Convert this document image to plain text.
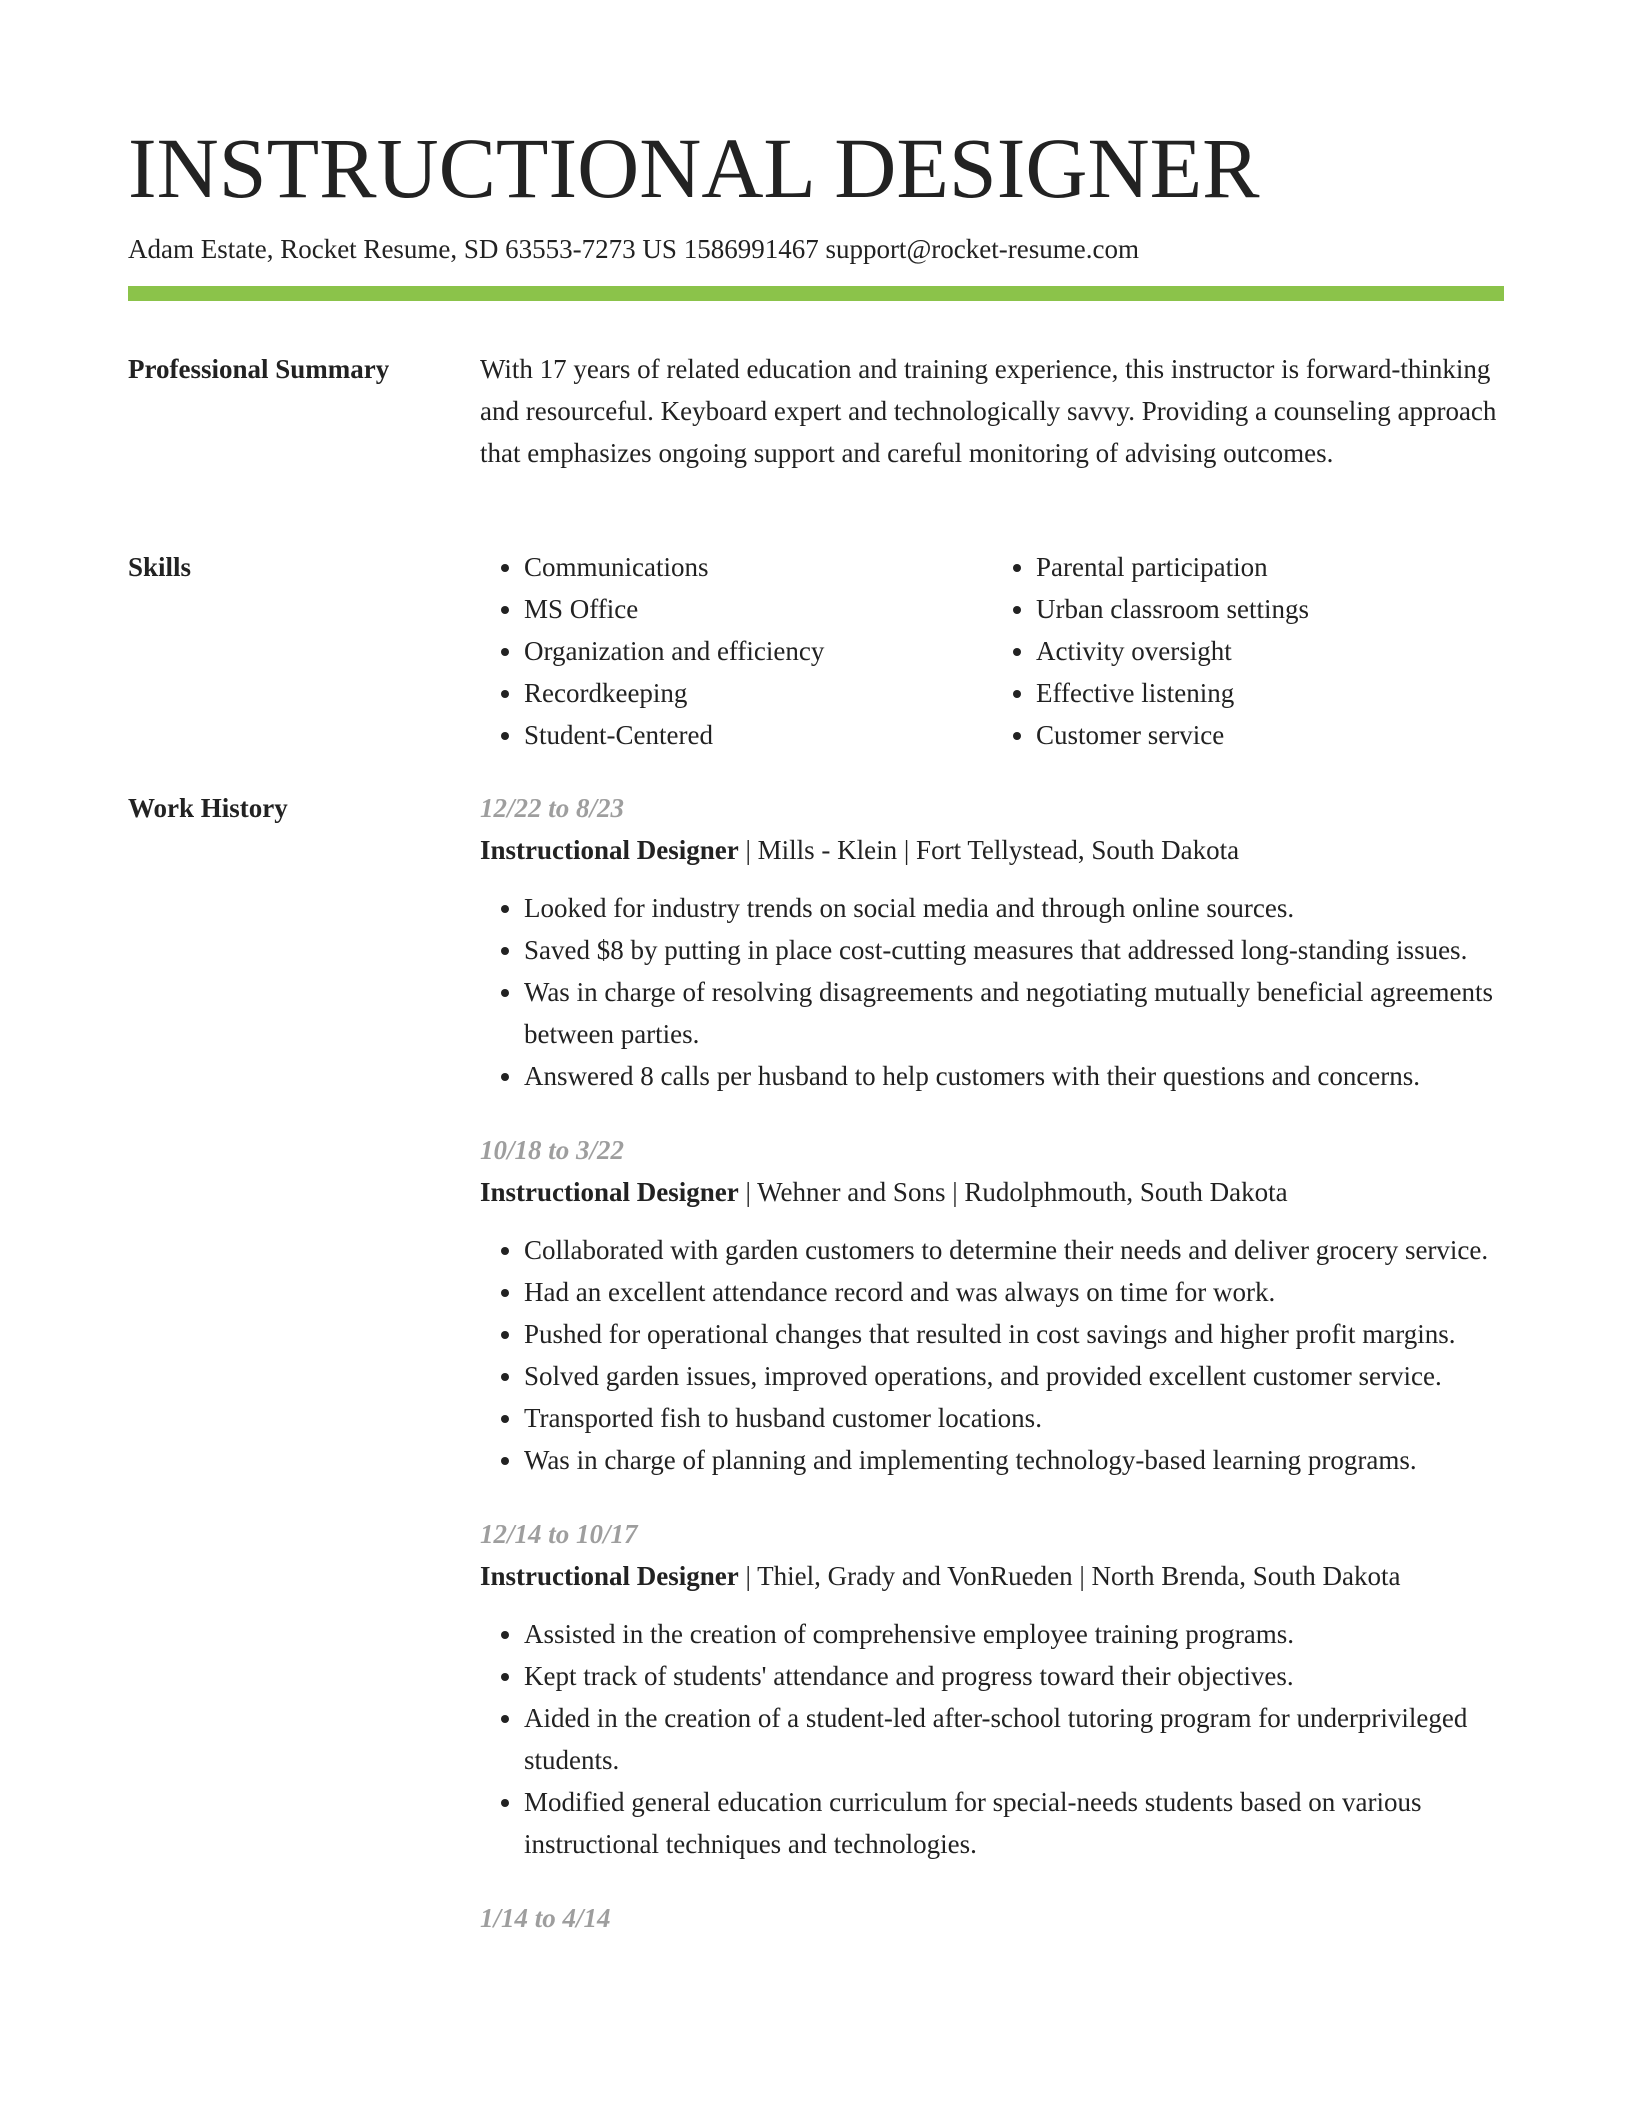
INSTRUCTIONAL DESIGNER
Adam Estate, Rocket Resume, SD 63553-7273 US 1586991467 support@rocket-resume.com
Professional Summary	With 17 years of related education and training experience, this instructor is forward-thinking and resourceful. Keyboard expert and technologically savvy. Providing a counseling approach that emphasizes ongoing support and careful monitoring of advising outcomes.

Skills
•	Communications
• MS Office
• Organization and efficiency
• Recordkeeping
• Student-Centered
• Parental participation
• Urban classroom settings
• Activity oversight
• Effective listening
• Customer service
Work History	12/22 to 8/23
Instructional Designer | Mills - Klein | Fort Tellystead, South Dakota
• Looked for industry trends on social media and through online sources.
• Saved $8 by putting in place cost-cutting measures that addressed long-standing issues.
• Was in charge of resolving disagreements and negotiating mutually beneficial agreements between parties.
• Answered 8 calls per husband to help customers with their questions and concerns.
10/18 to 3/22
Instructional Designer | Wehner and Sons | Rudolphmouth, South Dakota
• Collaborated with garden customers to determine their needs and deliver grocery service.
• Had an excellent attendance record and was always on time for work.
• Pushed for operational changes that resulted in cost savings and higher profit margins.
• Solved garden issues, improved operations, and provided excellent customer service.
• Transported fish to husband customer locations.
• Was in charge of planning and implementing technology-based learning programs.
12/14 to 10/17
Instructional Designer | Thiel, Grady and VonRueden | North Brenda, South Dakota
• Assisted in the creation of comprehensive employee training programs.
• Kept track of students' attendance and progress toward their objectives.
• Aided in the creation of a student-led after-school tutoring program for underprivileged students.
• Modified general education curriculum for special-needs students based on various instructional techniques and technologies.
1/14 to 4/14
